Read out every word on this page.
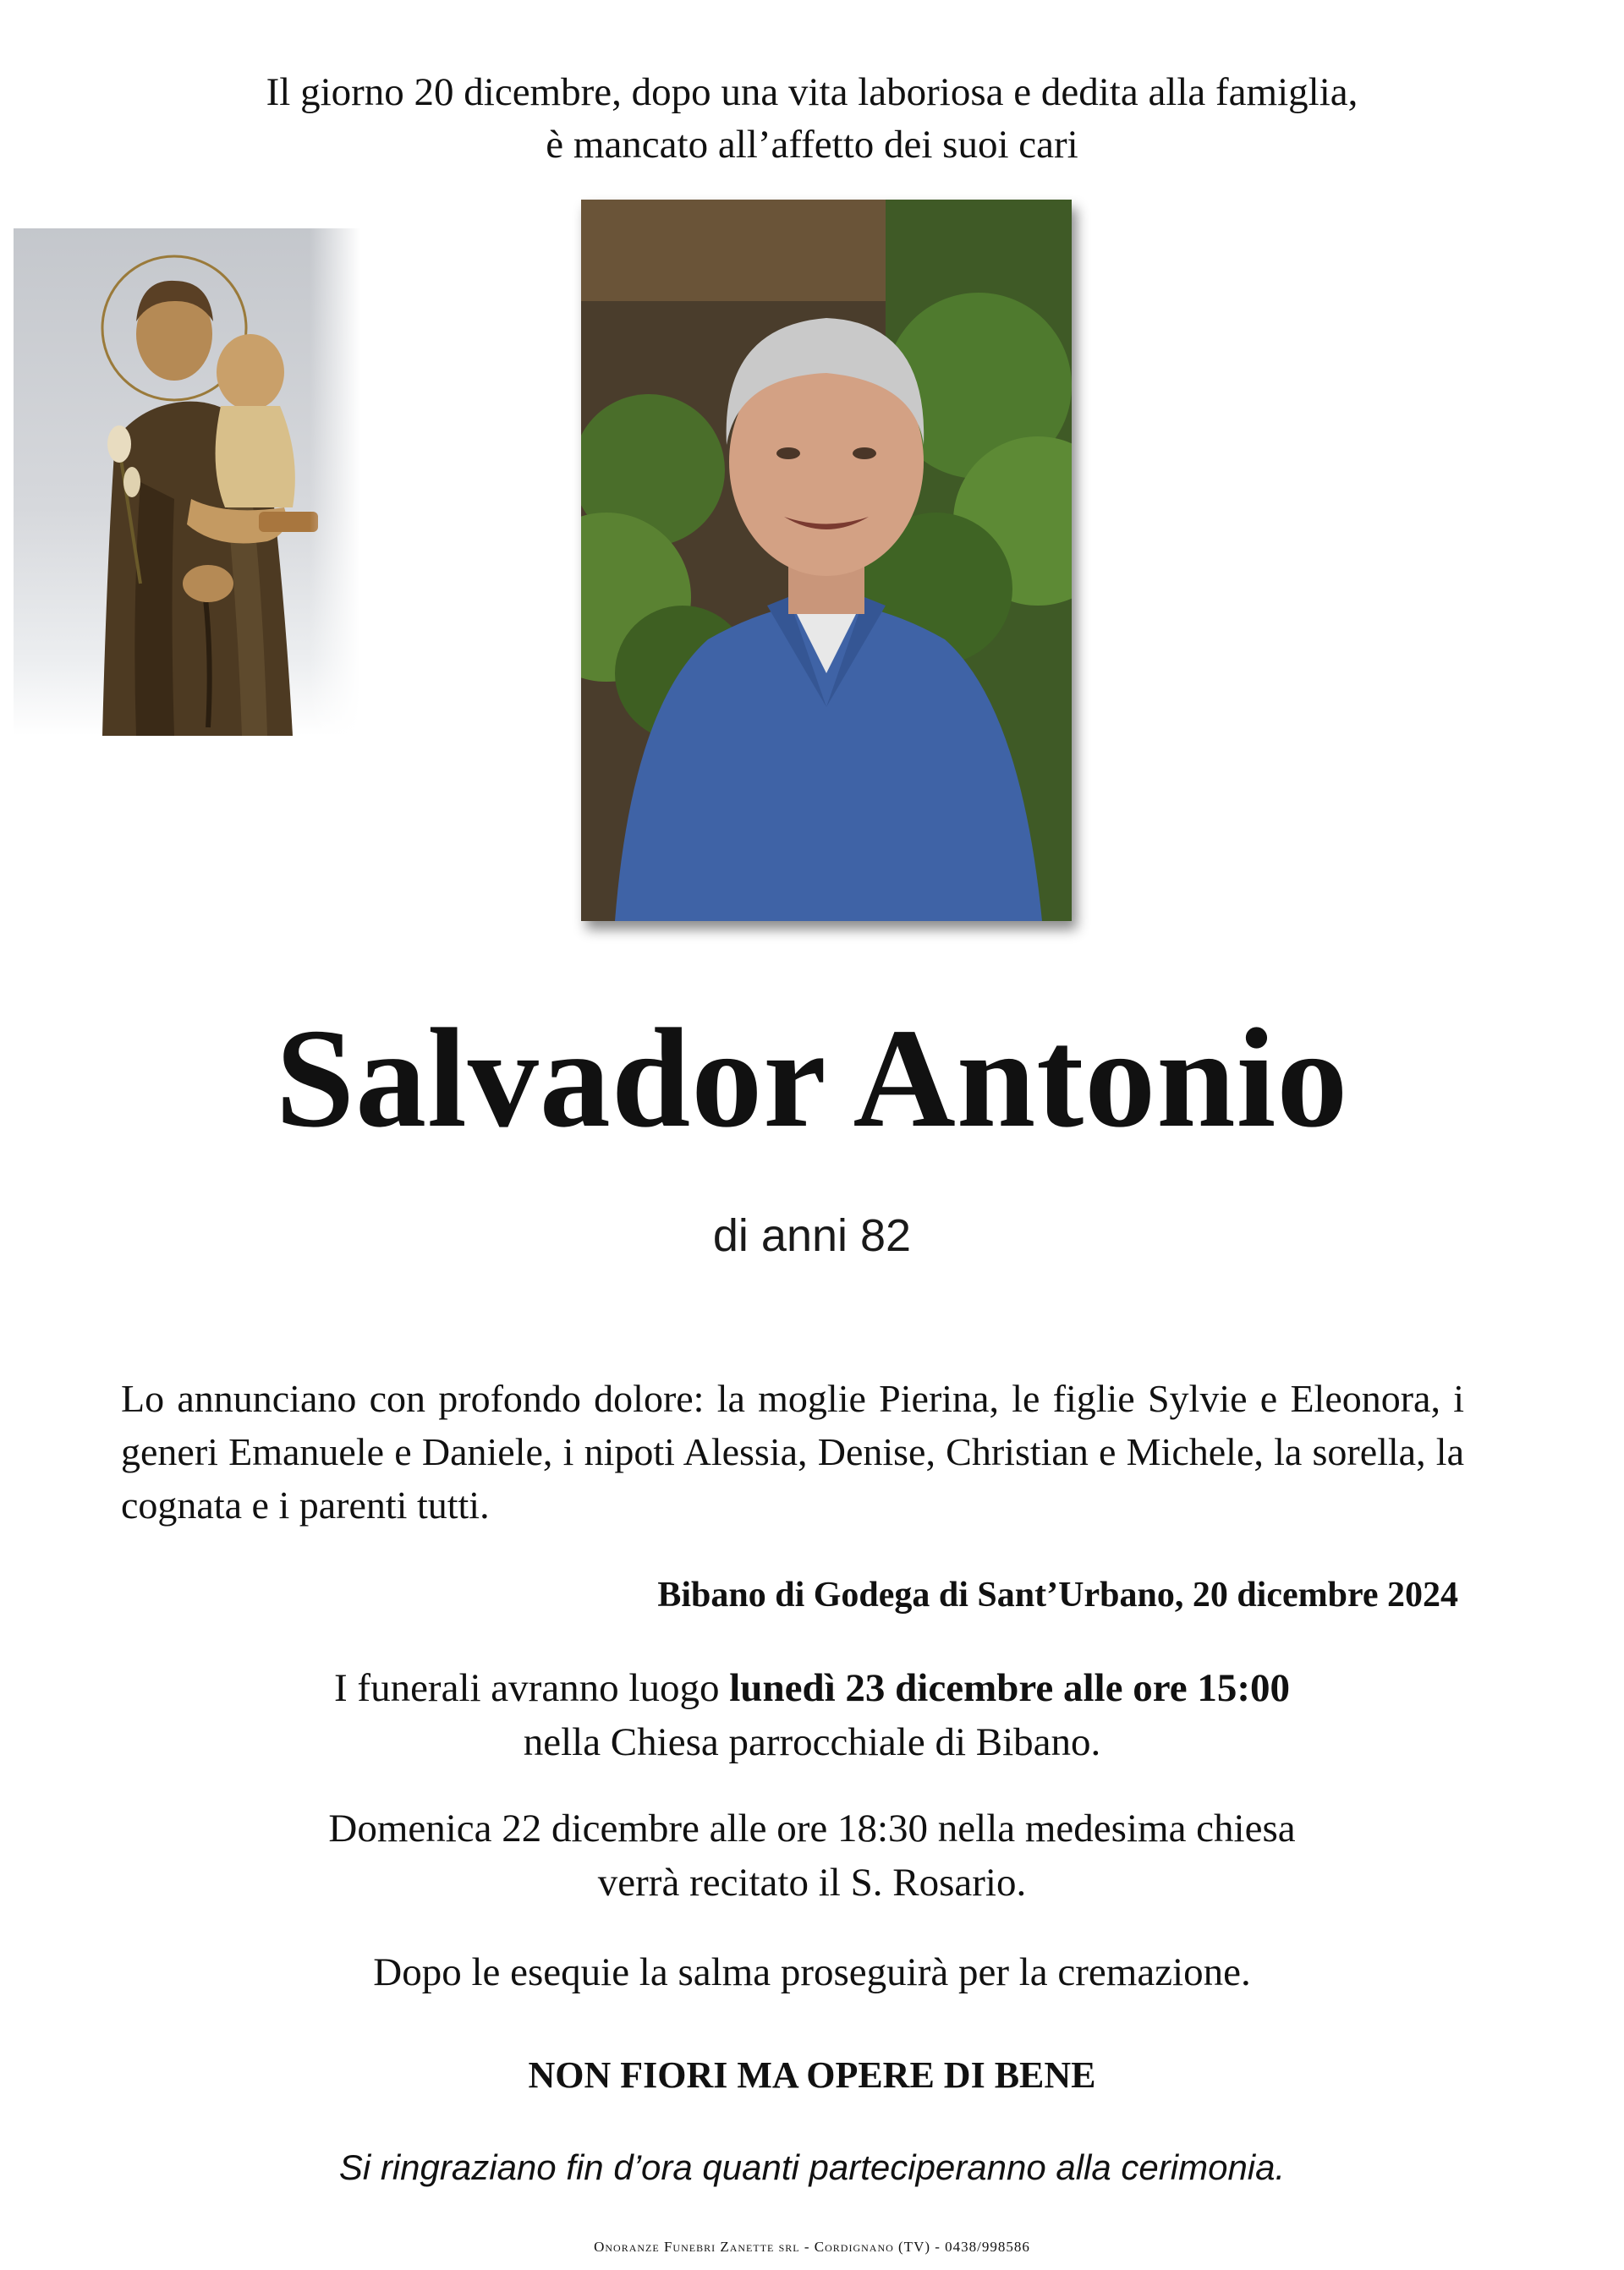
Il giorno 20 dicembre, dopo una vita laboriosa e dedita alla famiglia,
è mancato all’affetto dei suoi cari
Salvador Antonio
di anni 82
Lo annunciano con profondo dolore: la moglie Pierina, le figlie Sylvie e Eleonora, i generi Emanuele e Daniele, i nipoti Alessia, Denise, Christian e Michele, la sorella, la cognata e i parenti tutti.
Bibano di Godega di Sant’Urbano, 20 dicembre 2024
I funerali avranno luogo lunedì 23 dicembre alle ore 15:00
nella Chiesa parrocchiale di Bibano.
Domenica 22 dicembre alle ore 18:30 nella medesima chiesa
verrà recitato il S. Rosario.
Dopo le esequie la salma proseguirà per la cremazione.
NON FIORI MA OPERE DI BENE
Si ringraziano fin d’ora quanti parteciperanno alla cerimonia.
Onoranze Funebri Zanette srl - Cordignano (TV) - 0438/998586
